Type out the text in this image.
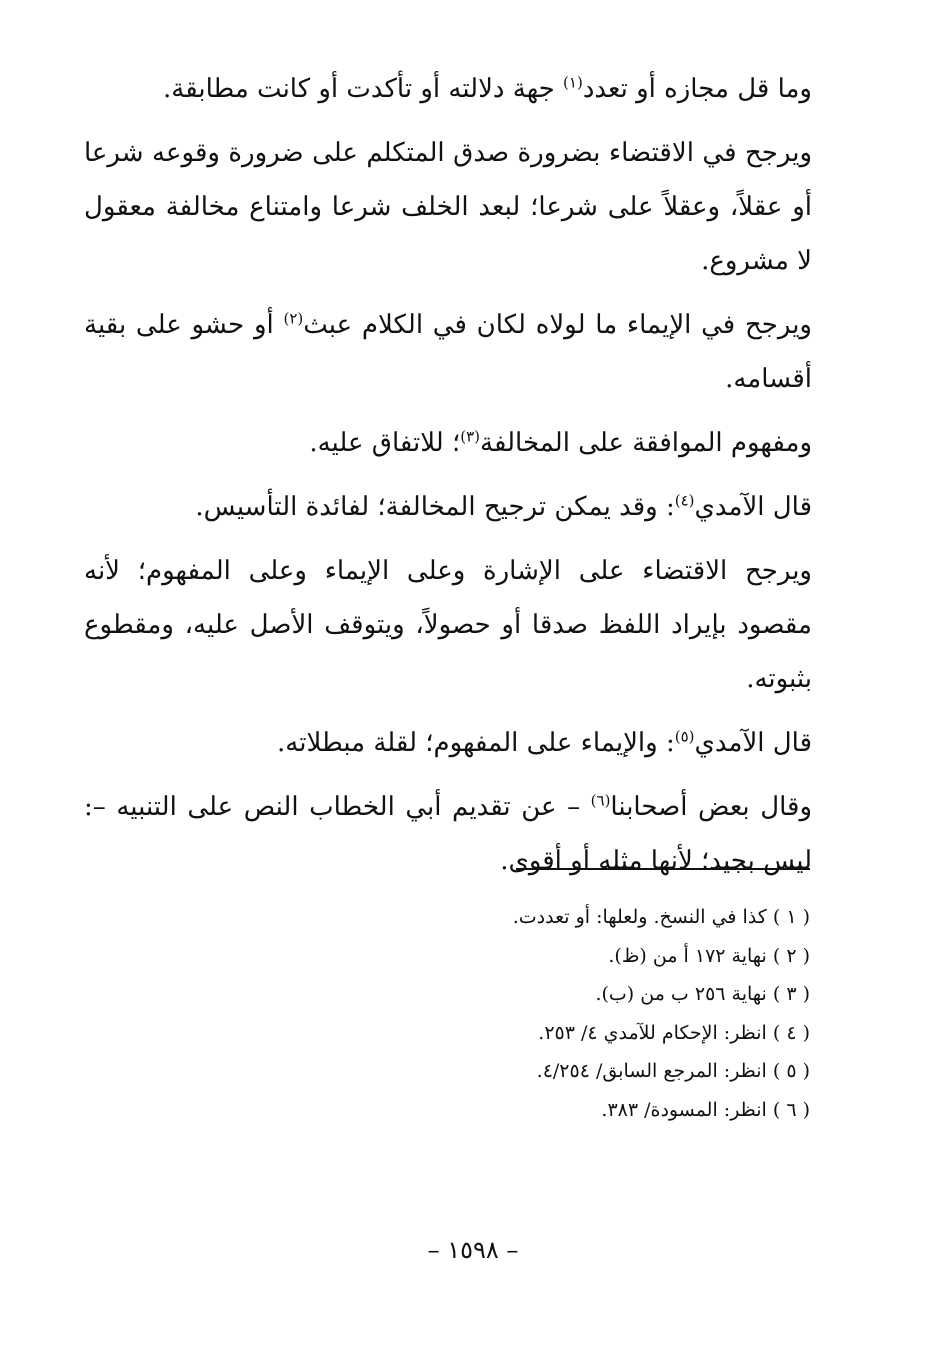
وما قل مجازه أو تعدد$^{(١)}$ جهة دلالته أو تأكدت أو كانت مطابقة.

ويرجح في الاقتضاء بضرورة صدق المتكلم على ضرورة وقوعه شرعا أو عقلاً، وعقلاً على شرعا؛ لبعد الخلف شرعا وامتناع مخالفة معقول لا مشروع.

ويرجح في الإيماء ما لولاه لكان في الكلام عبث$^{(٢)}$ أو حشو على بقية أقسامه.

ومفهوم الموافقة على المخالفة$^{(٣)}$؛ للاتفاق عليه.

قال الآمدي$^{(٤)}$: وقد يمكن ترجيح المخالفة؛ لفائدة التأسيس.

ويرجح الاقتضاء على الإشارة وعلى الإيماء وعلى المفهوم؛ لأنه مقصود بإيراد اللفظ صدقا أو حصولاً، ويتوقف الأصل عليه، ومقطوع بثبوته.

قال الآمدي$^{(٥)}$: والإيماء على المفهوم؛ لقلة مبطلاته.

وقال بعض أصحابنا$^{(٦)}$ – عن تقديم أبي الخطاب النص على التنبيه –: ليس بجيد؛ لأنها مثله أو أقوى.

( ١ ) كذا في النسخ. ولعلها: أو تعددت.

( ٢ ) نهاية ١٧٢ أ من (ظ).

( ٣ ) نهاية ٢٥٦ ب من (ب).

( ٤ ) انظر: الإحكام للآمدي ٤/ ٢٥٣.

( ٥ ) انظر: المرجع السابق/ ٤/٢٥٤.

( ٦ ) انظر: المسودة/ ٣٨٣.

– ١٥٩٨ –
